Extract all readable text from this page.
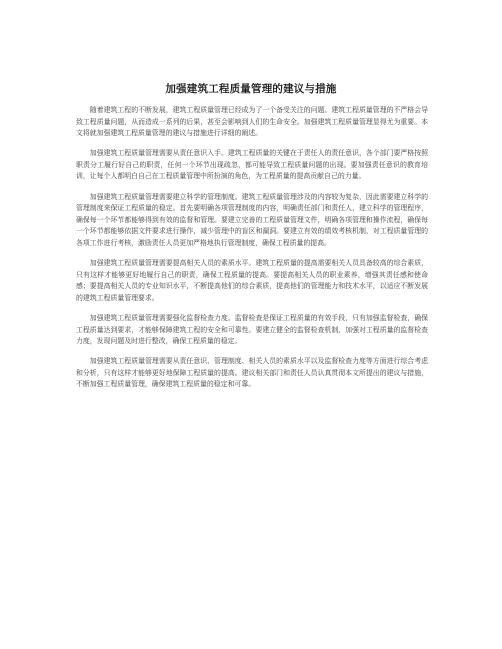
加强建筑工程质量管理的建议与措施

随着建筑工程的不断发展，建筑工程质量管理已经成为了一个备受关注的问题。建筑工程质量管理的不严格会导致工程质量问题，从而造成一系列的后果，甚至会影响到人们的生命安全。加强建筑工程质量管理显得尤为重要。本文将就加强建筑工程质量管理的建议与措施进行详细的阐述。

加强建筑工程质量管理需要从责任意识入手。建筑工程质量的关键在于责任人的责任意识，各个部门要严格按照职责分工履行好自己的职责，任何一个环节出现疏忽，都可能导致工程质量问题的出现。要加强责任意识的教育培训，让每个人都明白自己在工程质量管理中所扮演的角色，为工程质量的提高贡献自己的力量。

加强建筑工程质量管理需要建立科学的管理制度。建筑工程质量管理涉及的内容较为复杂，因此需要建立科学的管理制度来保证工程质量的稳定。首先要明确各项管理制度的内容，明确责任部门和责任人，建立科学的管理程序，确保每一个环节都能够得到有效的监督和管理。要建立完善的工程质量管理文件，明确各项管理和操作流程，确保每一个环节都能够依据文件要求进行操作，减少管理中的盲区和漏洞。要建立有效的绩效考核机制，对工程质量管理的各项工作进行考核，激励责任人员更加严格地执行管理制度，确保工程质量的提高。

加强建筑工程质量管理需要提高相关人员的素质水平。建筑工程质量的提高需要相关人员具备较高的综合素质，只有这样才能够更好地履行自己的职责，确保工程质量的提高。要提高相关人员的职业素养，增强其责任感和使命感；要提高相关人员的专业知识水平，不断提高他们的综合素质，提高他们的管理能力和技术水平，以适应不断发展的建筑工程质量管理要求。

加强建筑工程质量管理需要强化监督检查力度。监督检查是保证工程质量的有效手段，只有加强监督检查，确保工程质量达到要求，才能够保障建筑工程的安全和可靠性。要建立健全的监督检查机制，加强对工程质量的监督检查力度，发现问题及时进行整改，确保工程质量的稳定。

加强建筑工程质量管理需要从责任意识、管理制度、相关人员的素质水平以及监督检查力度等方面进行综合考虑和分析，只有这样才能够更好地保障工程质量的提高。建议相关部门和责任人员认真贯彻本文所提出的建议与措施，不断加强工程质量管理，确保建筑工程质量的稳定和可靠。
